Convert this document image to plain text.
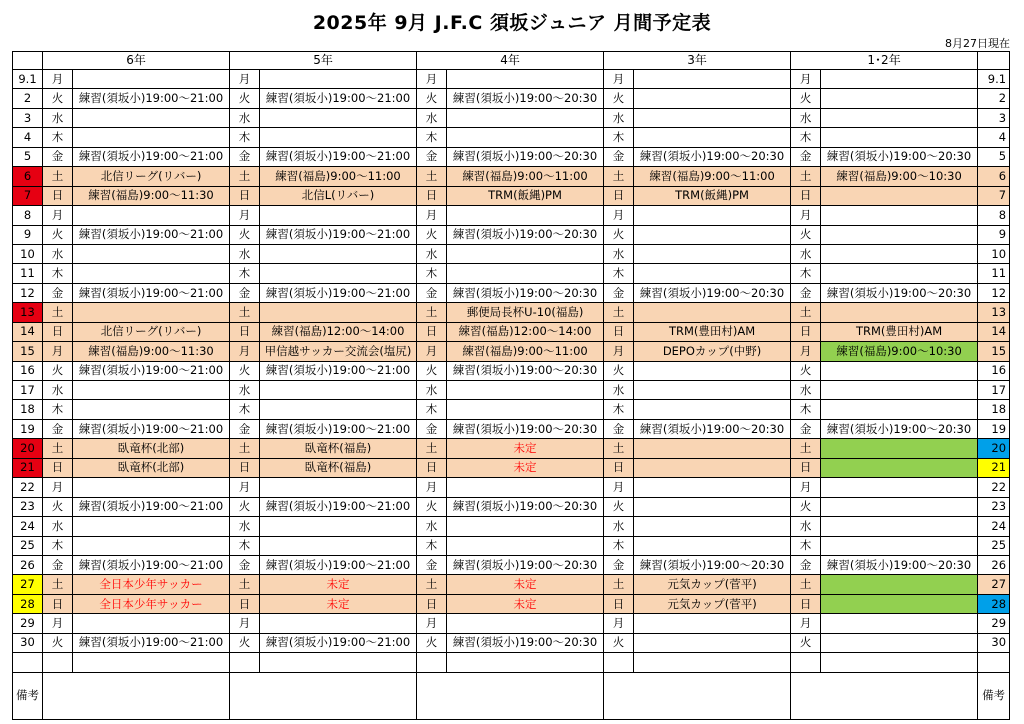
2025年 9月 J.F.C 須坂ジュニア 月間予定表
8月27日現在
	6年		5年		4年		3年		1･2年		
9.1	月		月		月		月		月		9.1
2	火	練習(須坂小)19:00～21:00	火	練習(須坂小)19:00～21:00	火	練習(須坂小)19:00～20:30	火		火		2
3	水		水		水		水		水		3
4	木		木		木		木		木		4
5	金	練習(須坂小)19:00～21:00	金	練習(須坂小)19:00～21:00	金	練習(須坂小)19:00～20:30	金	練習(須坂小)19:00～20:30	金	練習(須坂小)19:00～20:30	5
6	土	北信リーグ(リバー)	土	練習(福島)9:00～11:00	土	練習(福島)9:00～11:00	土	練習(福島)9:00～11:00	土	練習(福島)9:00～10:30	6
7	日	練習(福島)9:00～11:30	日	北信L(リバー)	日	TRM(飯縄)PM	日	TRM(飯縄)PM	日		7
8	月		月		月		月		月		8
9	火	練習(須坂小)19:00～21:00	火	練習(須坂小)19:00～21:00	火	練習(須坂小)19:00～20:30	火		火		9
10	水		水		水		水		水		10
11	木		木		木		木		木		11
12	金	練習(須坂小)19:00～21:00	金	練習(須坂小)19:00～21:00	金	練習(須坂小)19:00～20:30	金	練習(須坂小)19:00～20:30	金	練習(須坂小)19:00～20:30	12
13	土		土		土	郵便局長杯U-10(福島)	土		土		13
14	日	北信リーグ(リバー)	日	練習(福島)12:00～14:00	日	練習(福島)12:00～14:00	日	TRM(豊田村)AM	日	TRM(豊田村)AM	14
15	月	練習(福島)9:00～11:30	月	甲信越サッカー交流会(塩尻)	月	練習(福島)9:00～11:00	月	DEPOカップ(中野)	月	練習(福島)9:00～10:30	15
16	火	練習(須坂小)19:00～21:00	火	練習(須坂小)19:00～21:00	火	練習(須坂小)19:00～20:30	火		火		16
17	水		水		水		水		水		17
18	木		木		木		木		木		18
19	金	練習(須坂小)19:00～21:00	金	練習(須坂小)19:00～21:00	金	練習(須坂小)19:00～20:30	金	練習(須坂小)19:00～20:30	金	練習(須坂小)19:00～20:30	19
20	土	臥竜杯(北部)	土	臥竜杯(福島)	土	未定	土		土		20
21	日	臥竜杯(北部)	日	臥竜杯(福島)	日	未定	日		日		21
22	月		月		月		月		月		22
23	火	練習(須坂小)19:00～21:00	火	練習(須坂小)19:00～21:00	火	練習(須坂小)19:00～20:30	火		火		23
24	水		水		水		水		水		24
25	木		木		木		木		木		25
26	金	練習(須坂小)19:00～21:00	金	練習(須坂小)19:00～21:00	金	練習(須坂小)19:00～20:30	金	練習(須坂小)19:00～20:30	金	練習(須坂小)19:00～20:30	26
27	土	全日本少年サッカー	土	未定	土	未定	土	元気カップ(菅平)	土		27
28	日	全日本少年サッカー	日	未定	日	未定	日	元気カップ(菅平)	日		28
29	月		月		月		月		月		29
30	火	練習(須坂小)19:00～21:00	火	練習(須坂小)19:00～21:00	火	練習(須坂小)19:00～20:30	火		火		30

備考											備考
